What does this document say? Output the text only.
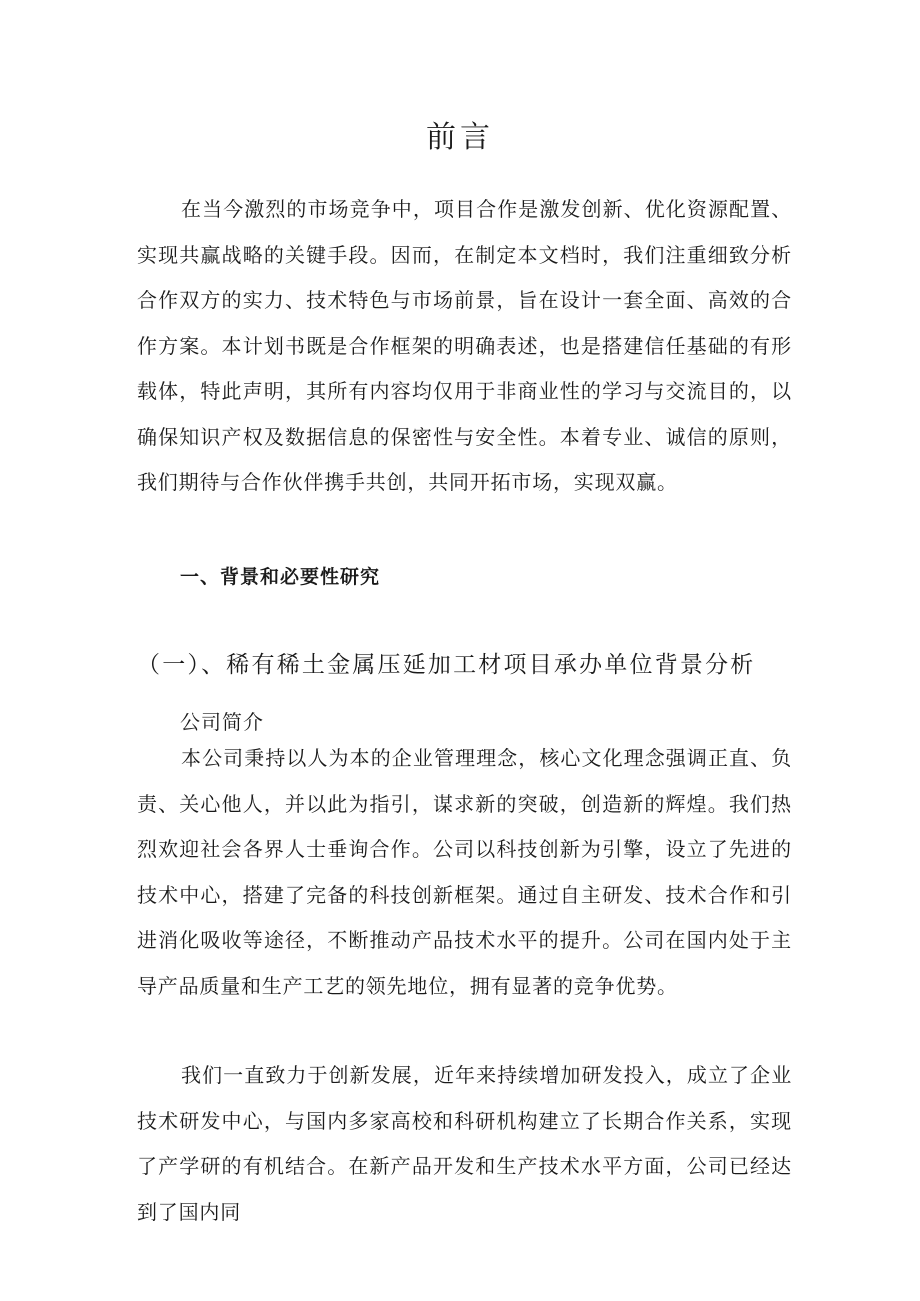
前言

在当今激烈的市场竞争中，项目合作是激发创新、优化资源配置、实现共赢战略的关键手段。因而，在制定本文档时，我们注重细致分析合作双方的实力、技术特色与市场前景，旨在设计一套全面、高效的合作方案。本计划书既是合作框架的明确表述，也是搭建信任基础的有形载体，特此声明，其所有内容均仅用于非商业性的学习与交流目的，以确保知识产权及数据信息的保密性与安全性。本着专业、诚信的原则，我们期待与合作伙伴携手共创，共同开拓市场，实现双赢。

一、背景和必要性研究
（一）、稀有稀土金属压延加工材项目承办单位背景分析
公司简介

本公司秉持以人为本的企业管理理念，核心文化理念强调正直、负责、关心他人，并以此为指引，谋求新的突破，创造新的辉煌。我们热烈欢迎社会各界人士垂询合作。公司以科技创新为引擎，设立了先进的技术中心，搭建了完备的科技创新框架。通过自主研发、技术合作和引进消化吸收等途径，不断推动产品技术水平的提升。公司在国内处于主导产品质量和生产工艺的领先地位，拥有显著的竞争优势。

我们一直致力于创新发展，近年来持续增加研发投入，成立了企业技术研发中心，与国内多家高校和科研机构建立了长期合作关系，实现了产学研的有机结合。在新产品开发和生产技术水平方面，公司已经达到了国内同
